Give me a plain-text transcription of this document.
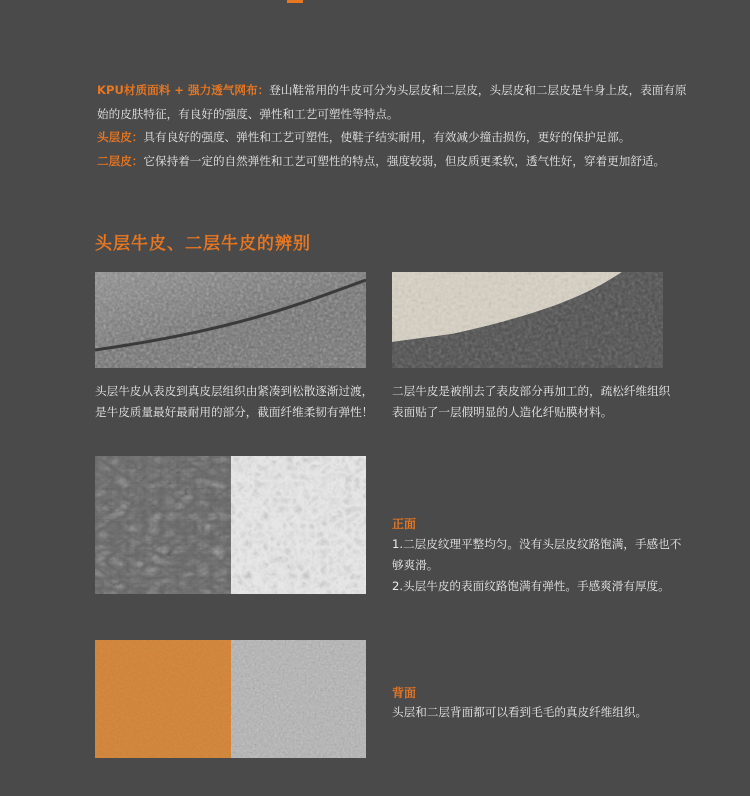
KPU材质面料 + 强力透气网布：登山鞋常用的牛皮可分为头层皮和二层皮，头层皮和二层皮是牛身上皮，表面有原始的皮肤特征，有良好的强度、弹性和工艺可塑性等特点。

头层皮：具有良好的强度、弹性和工艺可塑性，使鞋子结实耐用，有效减少撞击损伤，更好的保护足部。

二层皮：它保持着一定的自然弹性和工艺可塑性的特点，强度较弱，但皮质更柔软，透气性好，穿着更加舒适。

头层牛皮、二层牛皮的辨别
头层牛皮从表皮到真皮层组织由紧凑到松散逐渐过渡，是牛皮质量最好最耐用的部分，截面纤维柔韧有弹性！
二层牛皮是被削去了表皮部分再加工的，疏松纤维组织表面贴了一层假明显的人造化纤贴膜材料。
正面
1.二层皮纹理平整均匀。没有头层皮纹路饱满，手感也不够爽滑。
2.头层牛皮的表面纹路饱满有弹性。手感爽滑有厚度。
背面
头层和二层背面都可以看到毛毛的真皮纤维组织。
